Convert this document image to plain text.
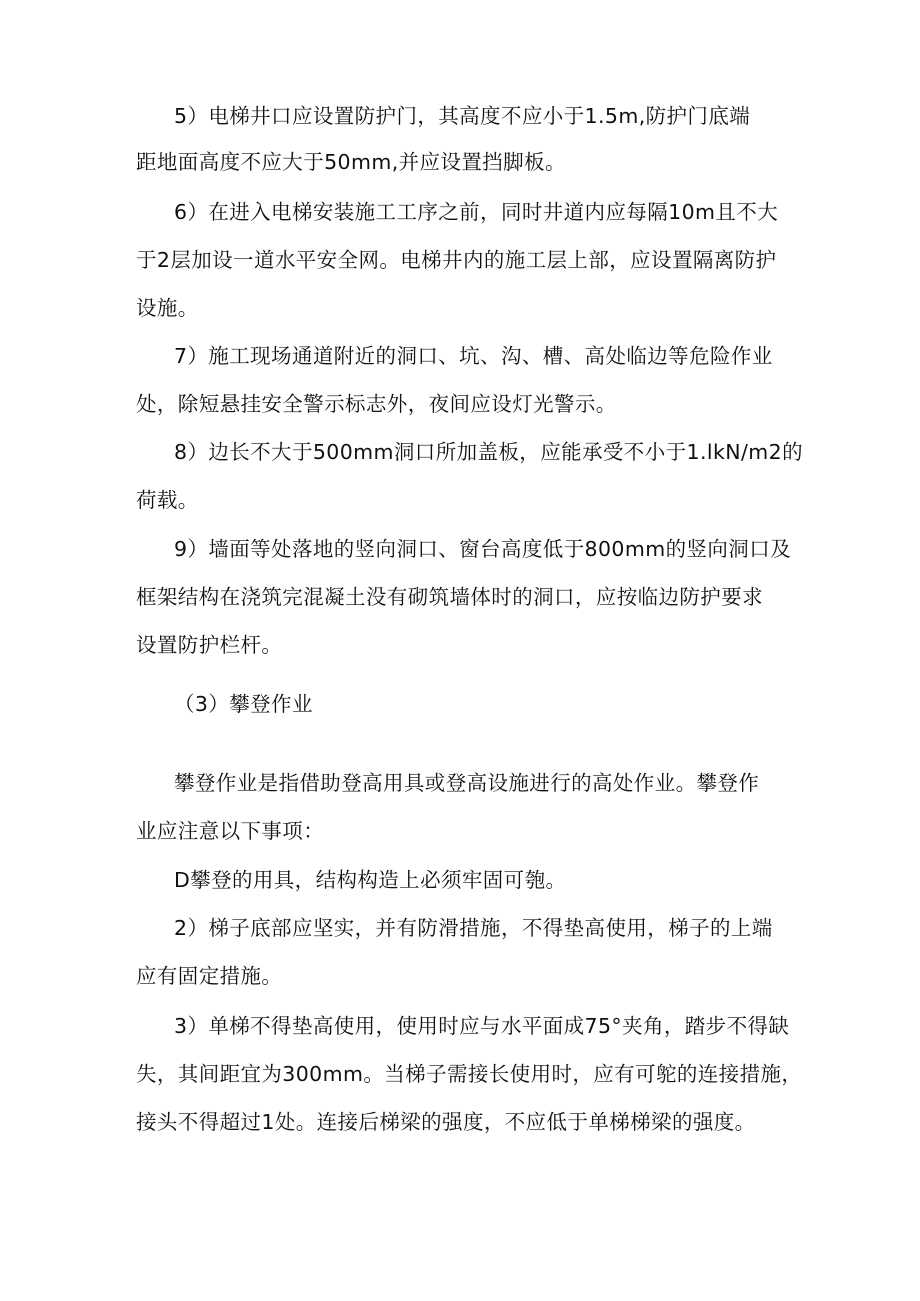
5）电梯井口应设置防护门，其高度不应小于1.5m,防护门底端
距地面高度不应大于50mm,并应设置挡脚板。
6）在进入电梯安装施工工序之前，同时井道内应每隔10m且不大
于2层加设一道水平安全网。电梯井内的施工层上部，应设置隔离防护
设施。
7）施工现场通道附近的洞口、坑、沟、槽、高处临边等危险作业
处，除短悬挂安全警示标志外，夜间应设灯光警示。
8）边长不大于500mm洞口所加盖板，应能承受不小于1.lkN/m2的
荷载。
9）墙面等处落地的竖向洞口、窗台高度低于800mm的竖向洞口及
框架结构在浇筑完混凝土没有砌筑墙体时的洞口，应按临边防护要求
设置防护栏杆。
（3）攀登作业
攀登作业是指借助登高用具或登高设施进行的高处作业。攀登作
业应注意以下事项：
D攀登的用具，结构构造上必须牢固可匏。
2）梯子底部应坚实，并有防滑措施，不得垫高使用，梯子的上端
应有固定措施。
3）单梯不得垫高使用，使用时应与水平面成75°夹角，踏步不得缺
失，其间距宜为300mm。当梯子需接长使用时，应有可鸵的连接措施，
接头不得超过1处。连接后梯梁的强度，不应低于单梯梯梁的强度。
